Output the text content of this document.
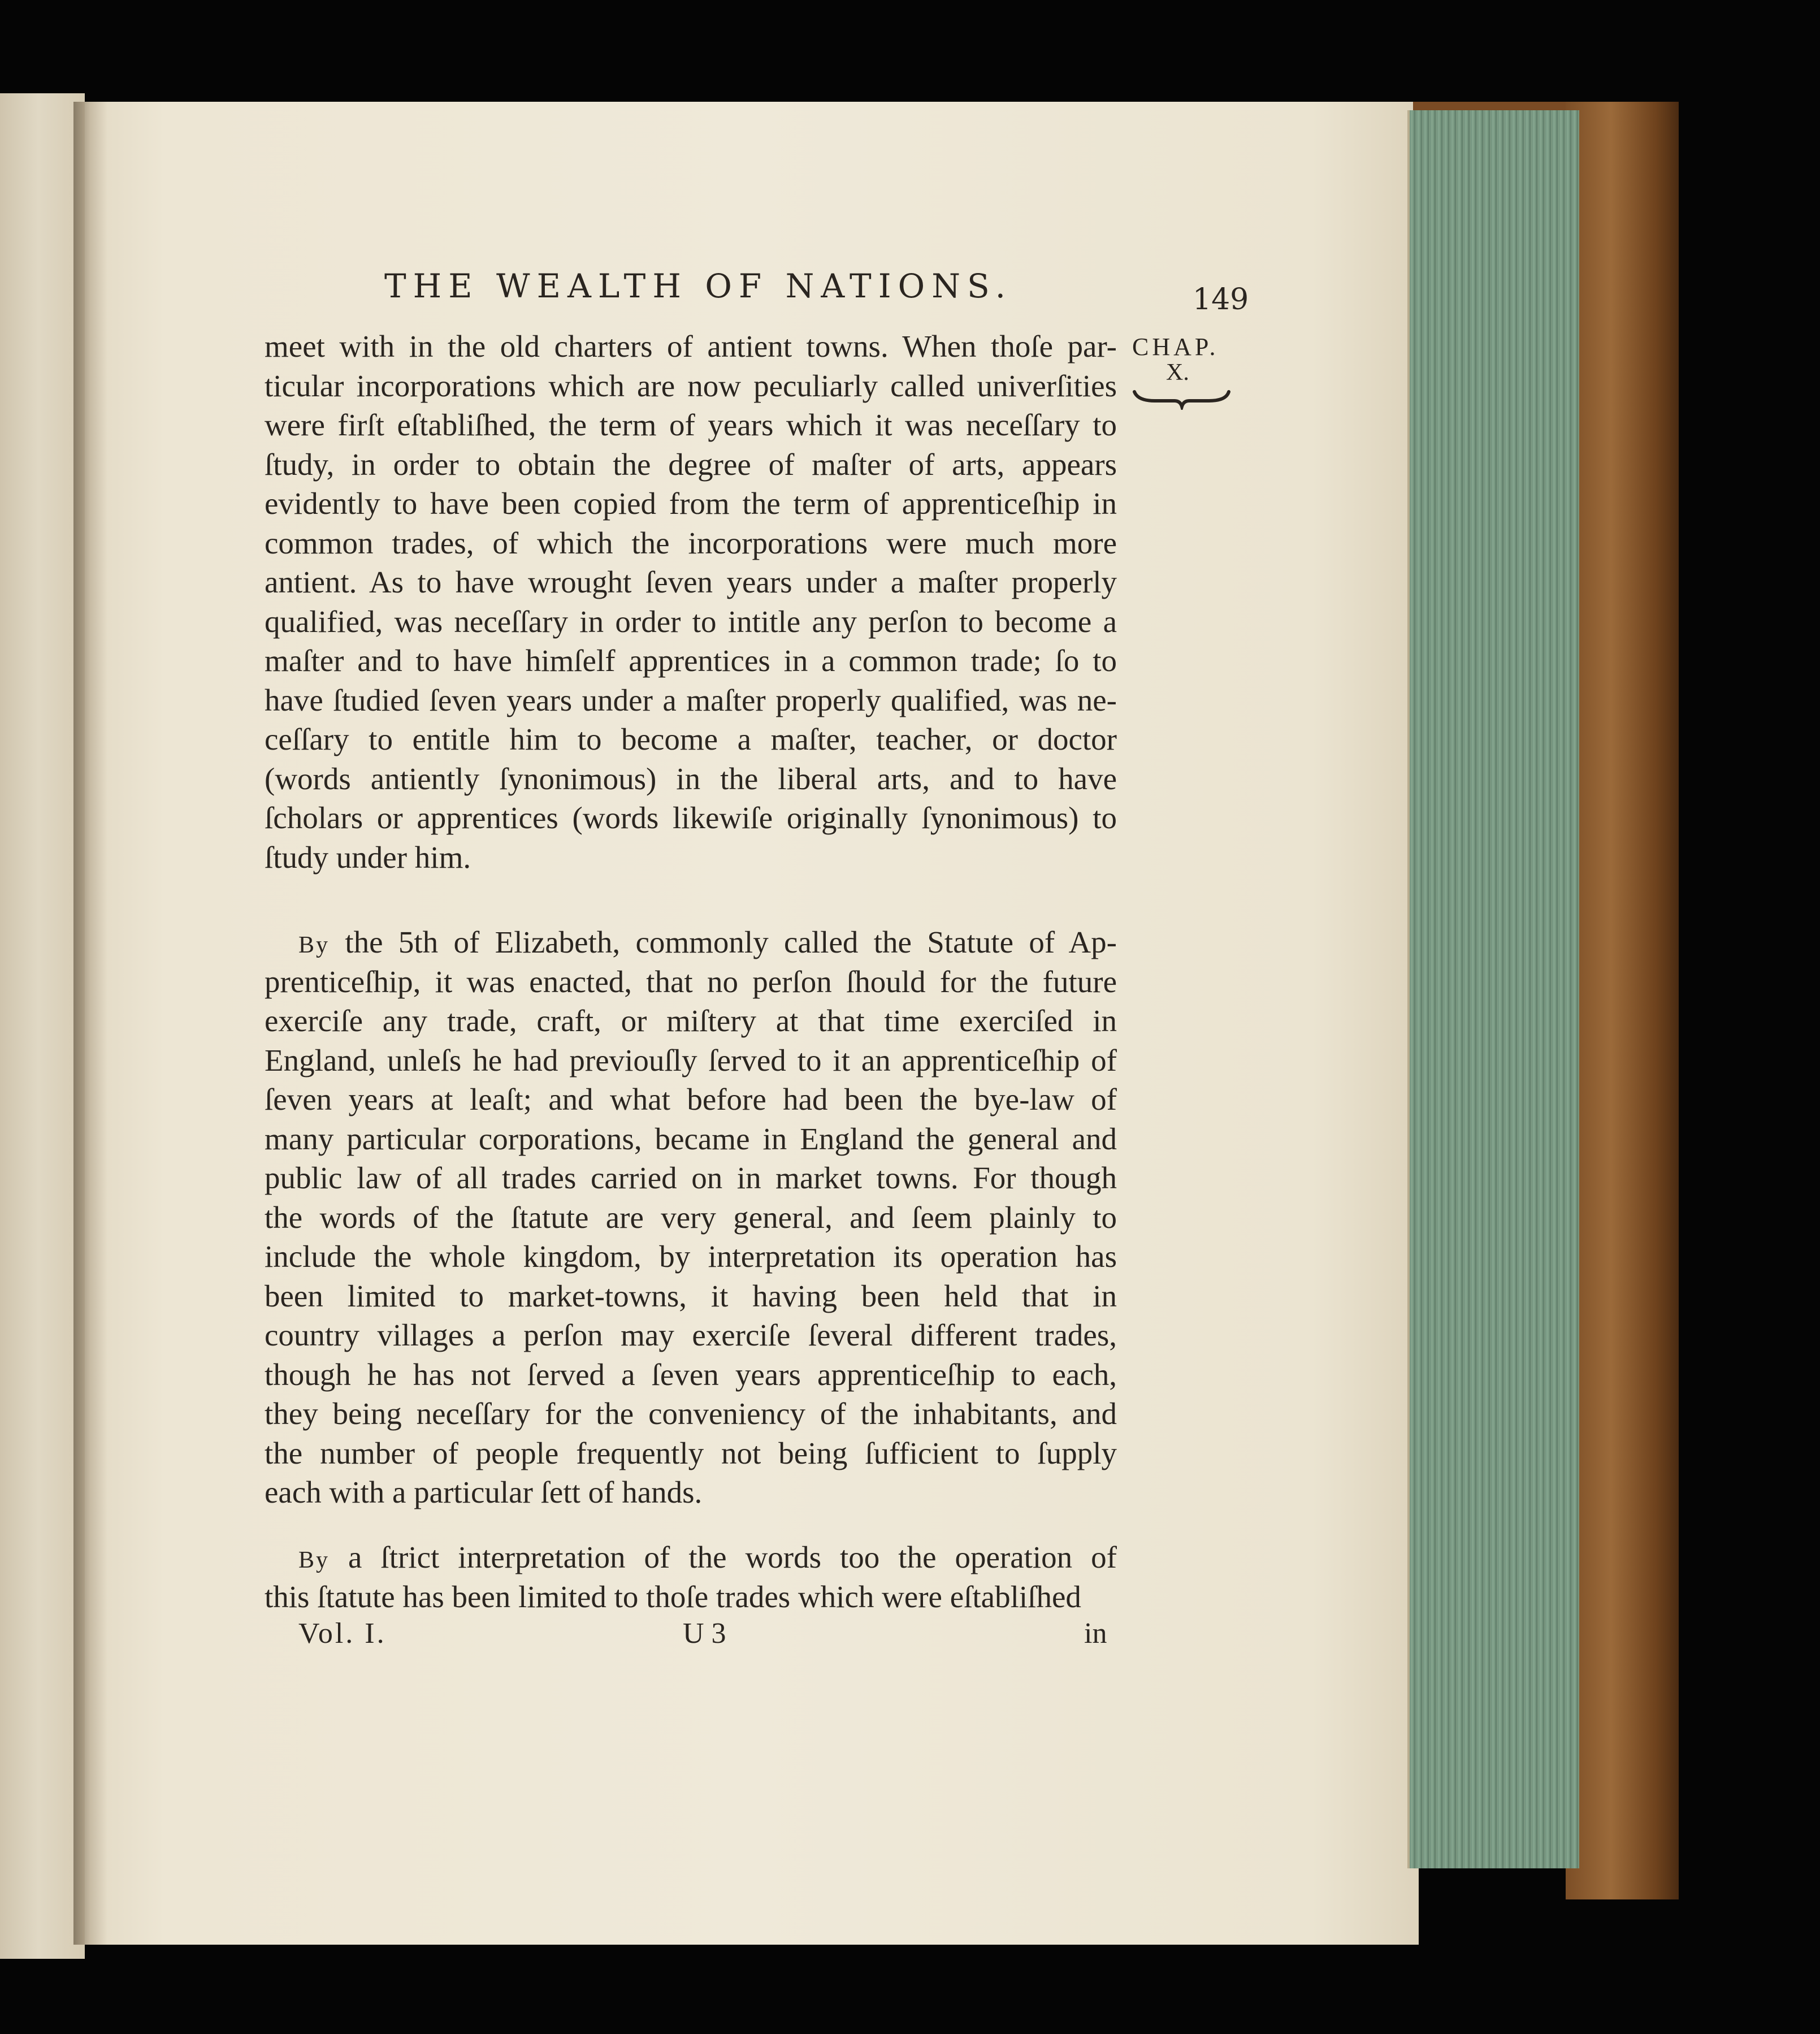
THE WEALTH OF NATIONS.	149
CHAP.
X.
meet with in the old charters of antient towns. When thoſe par-
ticular incorporations which are now peculiarly called univerſities
were firſt eſtabliſhed, the term of years which it was neceſſary to
ſtudy, in order to obtain the degree of maſter of arts, appears
evidently to have been copied from the term of apprenticeſhip in
common trades, of which the incorporations were much more
antient. As to have wrought ſeven years under a maſter properly
qualified, was neceſſary in order to intitle any perſon to become a
maſter and to have himſelf apprentices in a common trade; ſo to
have ſtudied ſeven years under a maſter properly qualified, was ne-
ceſſary to entitle him to become a maſter, teacher, or doctor
(words antiently ſynonimous) in the liberal arts, and to have
ſcholars or apprentices (words likewiſe originally ſynonimous) to
ſtudy under him.
By the 5th of Elizabeth, commonly called the Statute of Ap-
prenticeſhip, it was enacted, that no perſon ſhould for the future
exerciſe any trade, craft, or miſtery at that time exerciſed in
England, unleſs he had previouſly ſerved to it an apprenticeſhip of
ſeven years at leaſt; and what before had been the bye-law of
many particular corporations, became in England the general and
public law of all trades carried on in market towns. For though
the words of the ſtatute are very general, and ſeem plainly to
include the whole kingdom, by interpretation its operation has
been limited to market-towns, it having been held that in
country villages a perſon may exerciſe ſeveral different trades,
though he has not ſerved a ſeven years apprenticeſhip to each,
they being neceſſary for the conveniency of the inhabitants, and
the number of people frequently not being ſufficient to ſupply
each with a particular ſett of hands.
By a ſtrict interpretation of the words too the operation of
this ſtatute has been limited to thoſe trades which were eſtabliſhed
Vol. I.	U 3	in
